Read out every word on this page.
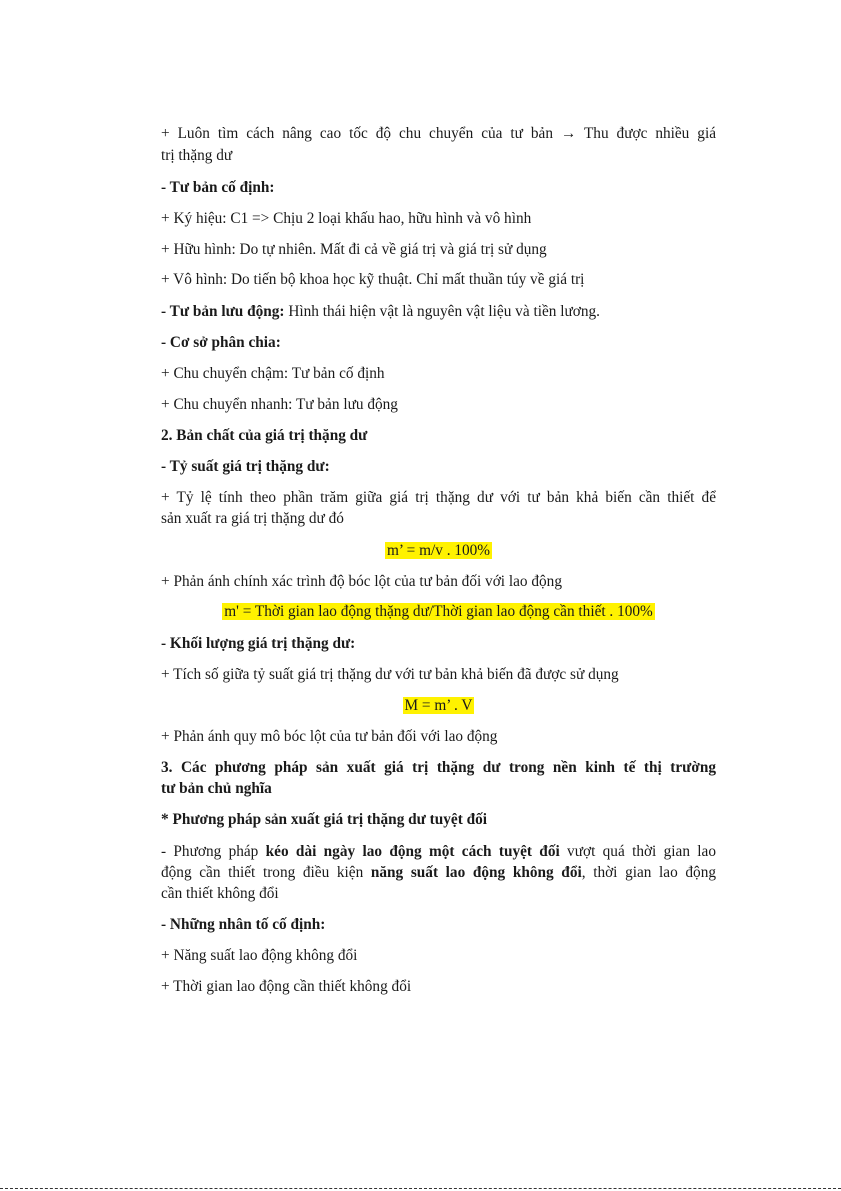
+ Luôn tìm cách nâng cao tốc độ chu chuyển của tư bản → Thu được nhiều giá
trị thặng dư
- Tư bản cố định:
+ Ký hiệu: C1 => Chịu 2 loại khấu hao, hữu hình và vô hình
+ Hữu hình: Do tự nhiên. Mất đi cả về giá trị và giá trị sử dụng
+ Vô hình: Do tiến bộ khoa học kỹ thuật. Chỉ mất thuần túy về giá trị
- Tư bản lưu động: Hình thái hiện vật là nguyên vật liệu và tiền lương.
- Cơ sở phân chia:
+ Chu chuyển chậm: Tư bản cố định
+ Chu chuyển nhanh: Tư bản lưu động
2. Bản chất của giá trị thặng dư
- Tỷ suất giá trị thặng dư:
+ Tỷ lệ tính theo phần trăm giữa giá trị thặng dư với tư bản khả biến cần thiết để
sản xuất ra giá trị thặng dư đó
m’ = m/v . 100%
+ Phản ánh chính xác trình độ bóc lột của tư bản đối với lao động
m' = Thời gian lao động thặng dư/Thời gian lao động cần thiết . 100%
- Khối lượng giá trị thặng dư:
+ Tích số giữa tỷ suất giá trị thặng dư với tư bản khả biến đã được sử dụng
M = m’ . V
+ Phản ánh quy mô bóc lột của tư bản đối với lao động
3. Các phương pháp sản xuất giá trị thặng dư trong nền kinh tế thị trường
tư bản chủ nghĩa
* Phương pháp sản xuất giá trị thặng dư tuyệt đối
- Phương pháp kéo dài ngày lao động một cách tuyệt đối vượt quá thời gian lao
động cần thiết trong điều kiện năng suất lao động không đổi, thời gian lao động
cần thiết không đổi
- Những nhân tố cố định:
+ Năng suất lao động không đổi
+ Thời gian lao động cần thiết không đổi
